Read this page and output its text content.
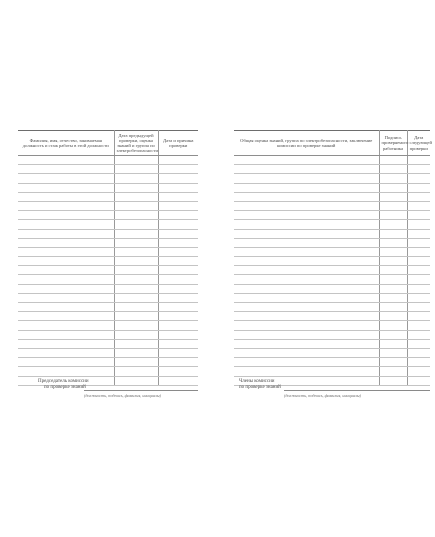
Фамилия, имя, отчество, занимаемая должность и стаж работы в этой должности	Дата предыдущей проверки, оценка знаний и группа по электробезопасности	Дата и причина проверки

Председатель комиссии
по проверке знаний
(должность, подпись, фамилия, инициалы)
Общая оценка знаний, группа по электробезопасности, заключение комиссии по проверке знаний	Подпись проверяемого работника	Дата следующей проверки

Члены комиссии
по проверке знаний
(должность, подпись, фамилия, инициалы)
